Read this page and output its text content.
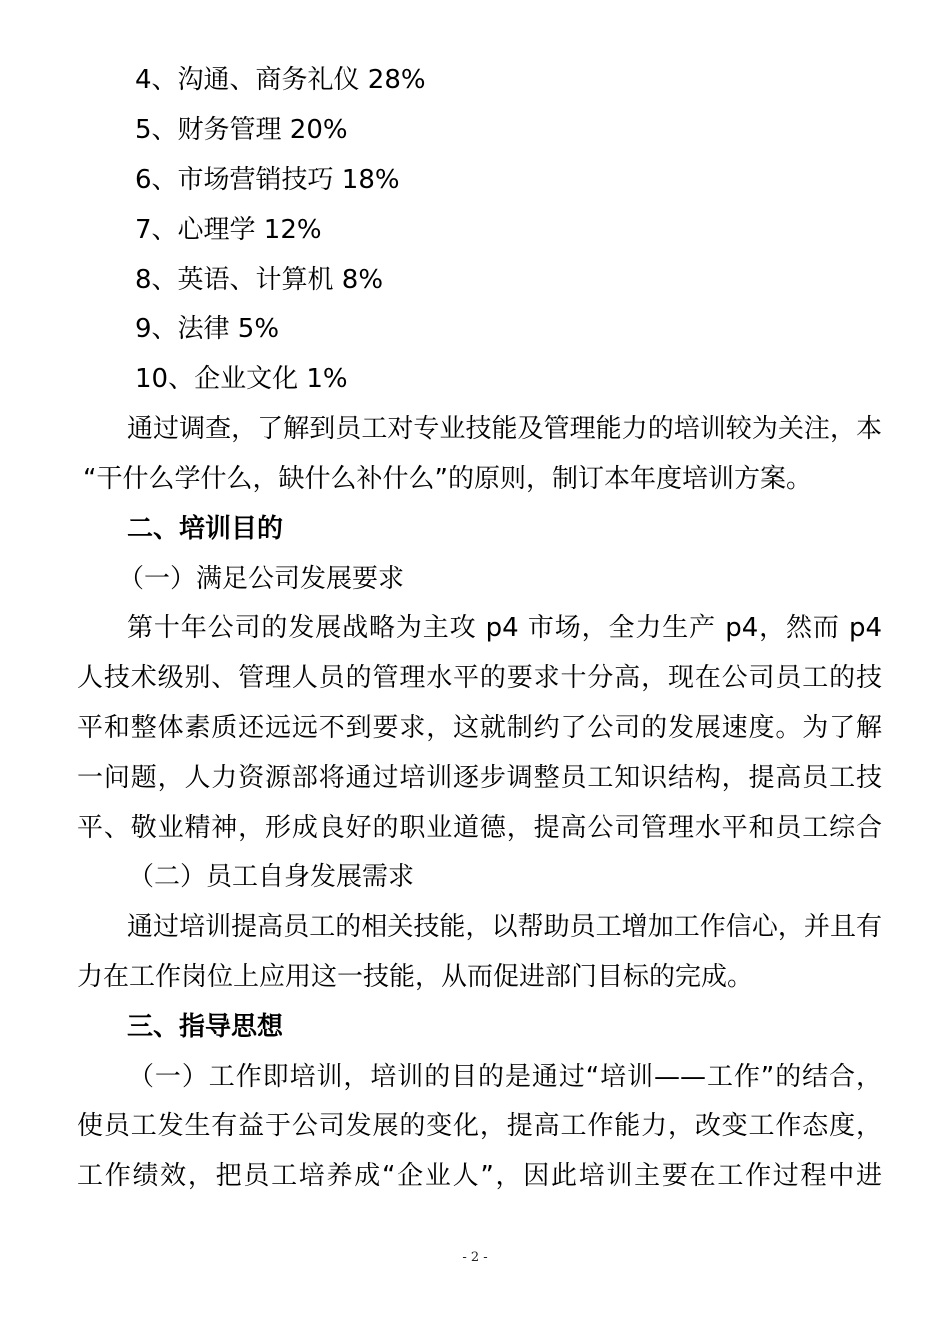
4、沟通、商务礼仪 28%
5、财务管理 20%
6、市场营销技巧 18%
7、心理学 12%
8、英语、计算机 8%
9、法律 5%
10、企业文化 1%
通过调查，了解到员工对专业技能及管理能力的培训较为关注，本
“干什么学什么，缺什么补什么”的原则，制订本年度培训方案。
二、培训目的
（一）满足公司发展要求
第十年公司的发展战略为主攻 p4 市场，全力生产 p4，然而 p4
人技术级别、管理人员的管理水平的要求十分高，现在公司员工的技
平和整体素质还远远不到要求，这就制约了公司的发展速度。为了解
一问题，人力资源部将通过培训逐步调整员工知识结构，提高员工技
平、敬业精神，形成良好的职业道德，提高公司管理水平和员工综合
（二）员工自身发展需求
通过培训提高员工的相关技能，以帮助员工增加工作信心，并且有
力在工作岗位上应用这一技能，从而促进部门目标的完成。
三、指导思想
（一）工作即培训，培训的目的是通过“培训——工作”的结合，
使员工发生有益于公司发展的变化，提高工作能力，改变工作态度，
工作绩效，把员工培养成“企业人”，因此培训主要在工作过程中进
- 2 -
